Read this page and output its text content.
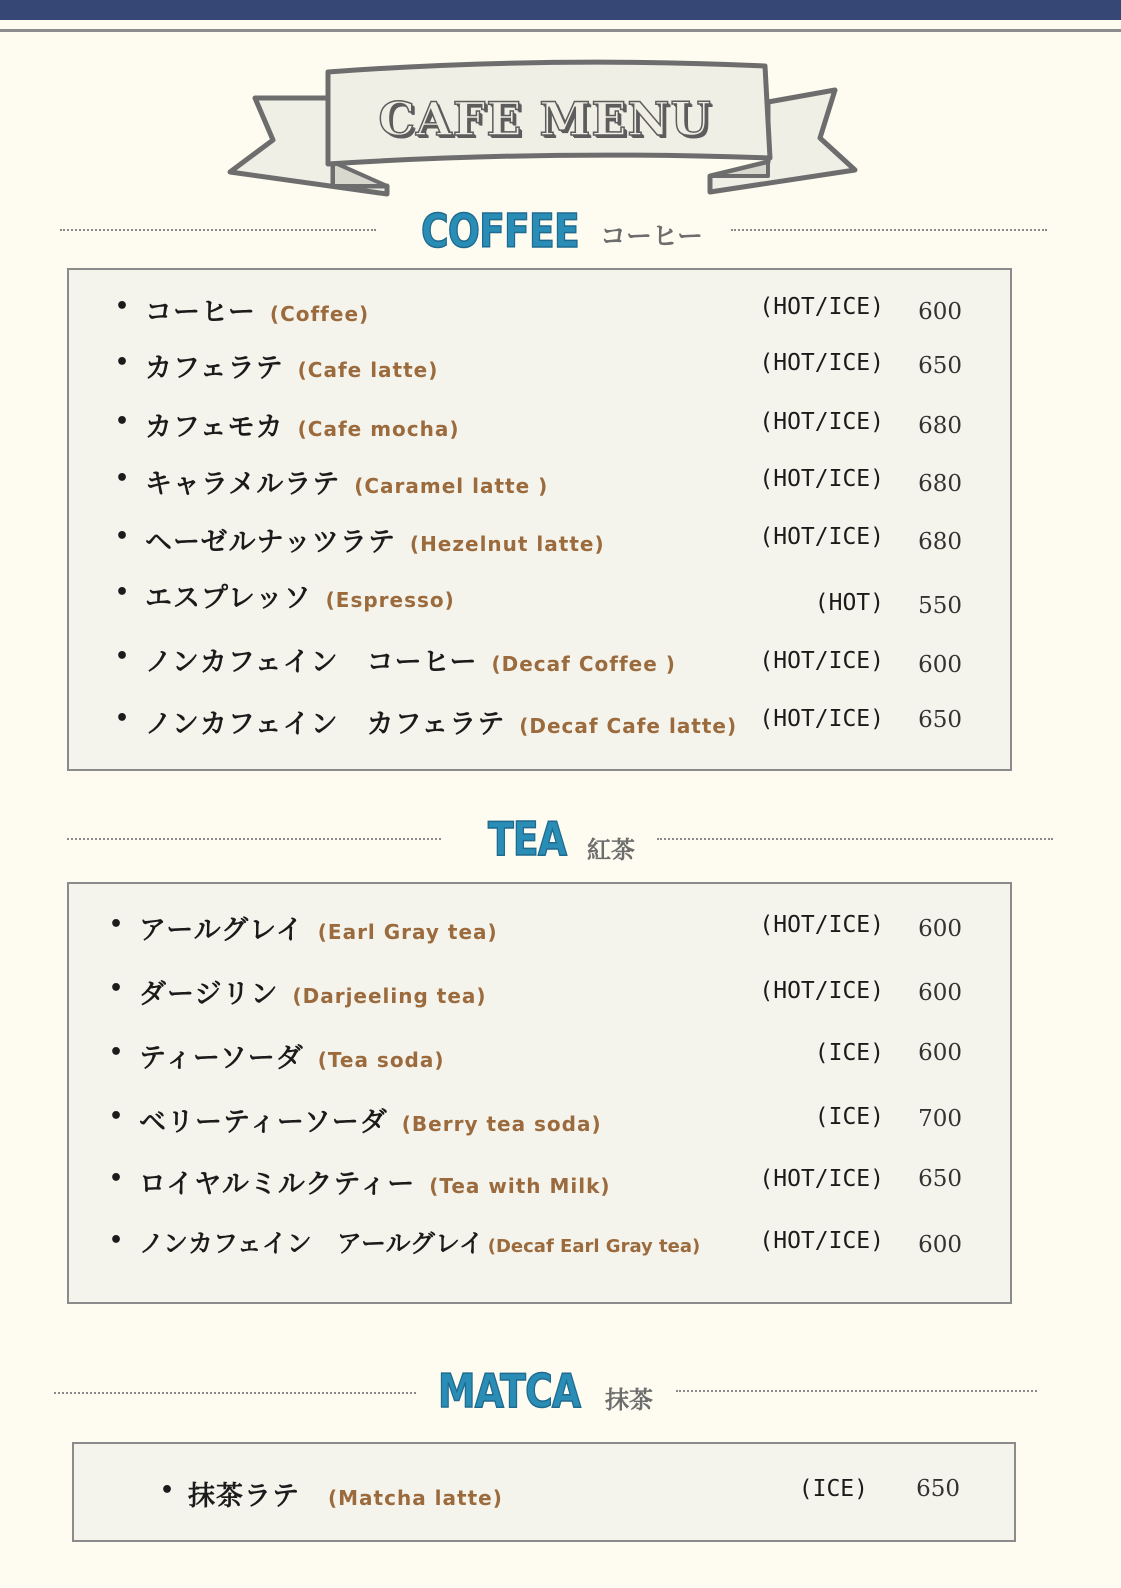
CAFE MENU
COFFEE コーヒー
• コーヒー (Coffee)	(HOT/ICE) 600
• カフェラテ (Cafe latte)	(HOT/ICE) 650
• カフェモカ (Cafe mocha)	(HOT/ICE) 680
• キャラメルラテ (Caramel latte )	(HOT/ICE) 680
• ヘーゼルナッツラテ (Hezelnut latte)	(HOT/ICE) 680
• エスプレッソ (Espresso)	(HOT) 550
• ノンカフェイン　コーヒー (Decaf Coffee )	(HOT/ICE) 600
• ノンカフェイン　カフェラテ (Decaf Cafe latte) (HOT/ICE) 650
TEA 紅茶
• アールグレイ (Earl Gray tea)	(HOT/ICE) 600
• ダージリン (Darjeeling tea)	(HOT/ICE) 600
• ティーソーダ (Tea soda)	(ICE) 600
• ベリーティーソーダ (Berry tea soda)	(ICE) 700
• ロイヤルミルクティー (Tea with Milk)	(HOT/ICE) 650
• ノンカフェイン　アールグレイ (Decaf Earl Gray tea)	(HOT/ICE) 600
MATCA 抹茶
• 抹茶ラテ (Matcha latte)	(ICE) 650
